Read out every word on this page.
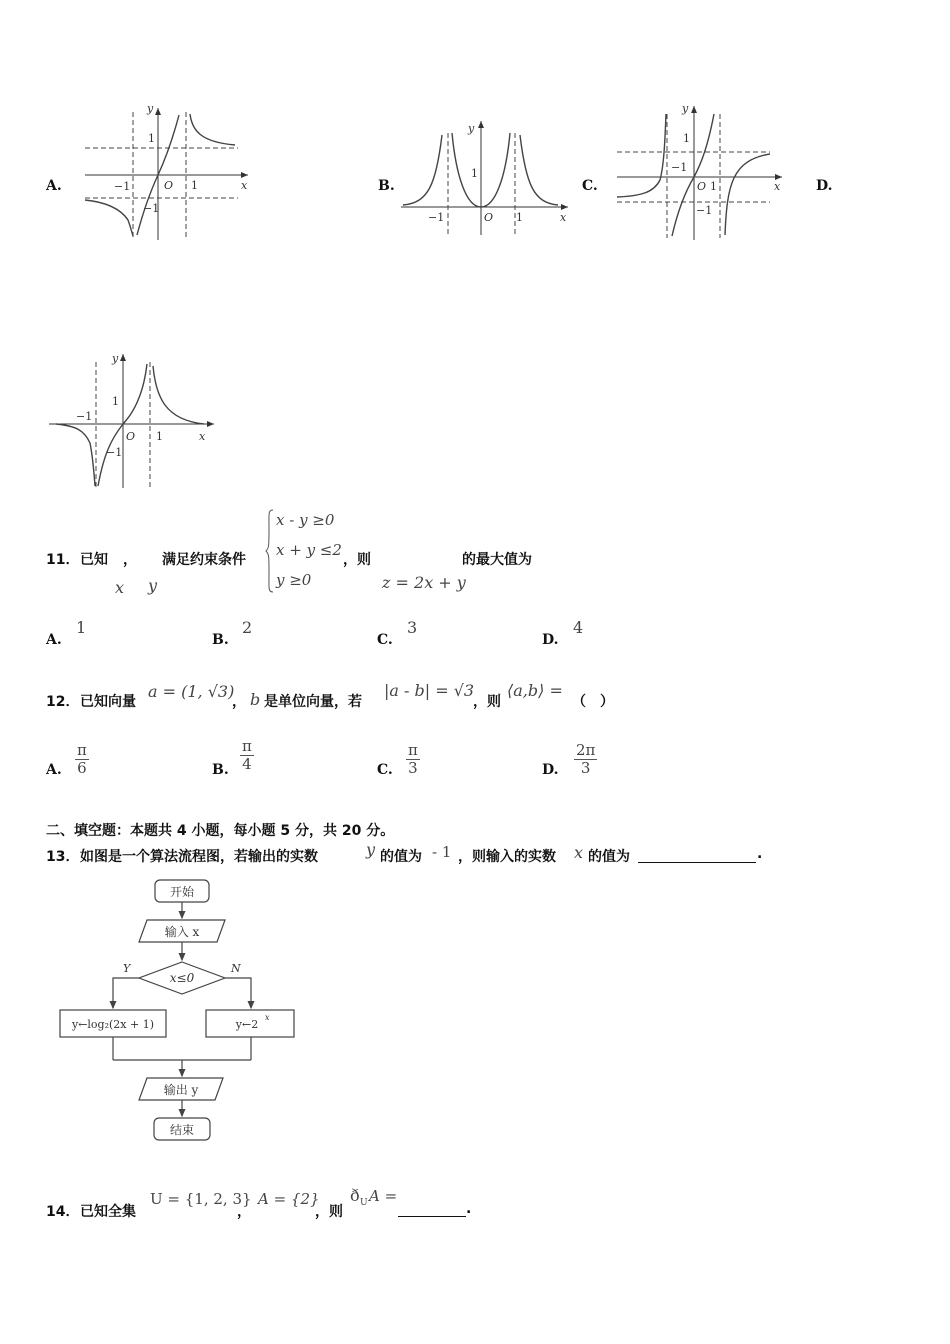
A.
y
1
−1	O 1	x
−1
B.
y
1
−1	O 1	x
C.
y
1
−1
O 1	x
−1
D.
y
1
−1
O 1	x
−1
11． 已知
x
，
y
满足约束条件
x - y ≥0
x + y ≤2
y ≥0
，则
z = 2x + y
的最大值为
A.
1
B.
2
C.
3
D.
4
12． 已知向量
a = (1, √3)
， b 是单位向量，若
|a - b| = √3
，则
⟨a,b⟩ =
（　）
A. $\frac{\pi}{6}$	B. $\frac{\pi}{4}$	C. $\frac{\pi}{3}$	D. $\frac{2\pi}{3}$
二、填空题：本题共 4 小题，每小题 5 分，共 20 分。
13． 如图是一个算法流程图，若输出的实数	y 的值为 - 1 ，则输入的实数 x 的值为	.
开始
输入 x
x≤0
Y	N
y←log₂(2x + 1)	y←2
x
输出 y
结束
14． 已知全集
U = {1, 2, 3}
，
A = {2}
，则
ð U A =
.
